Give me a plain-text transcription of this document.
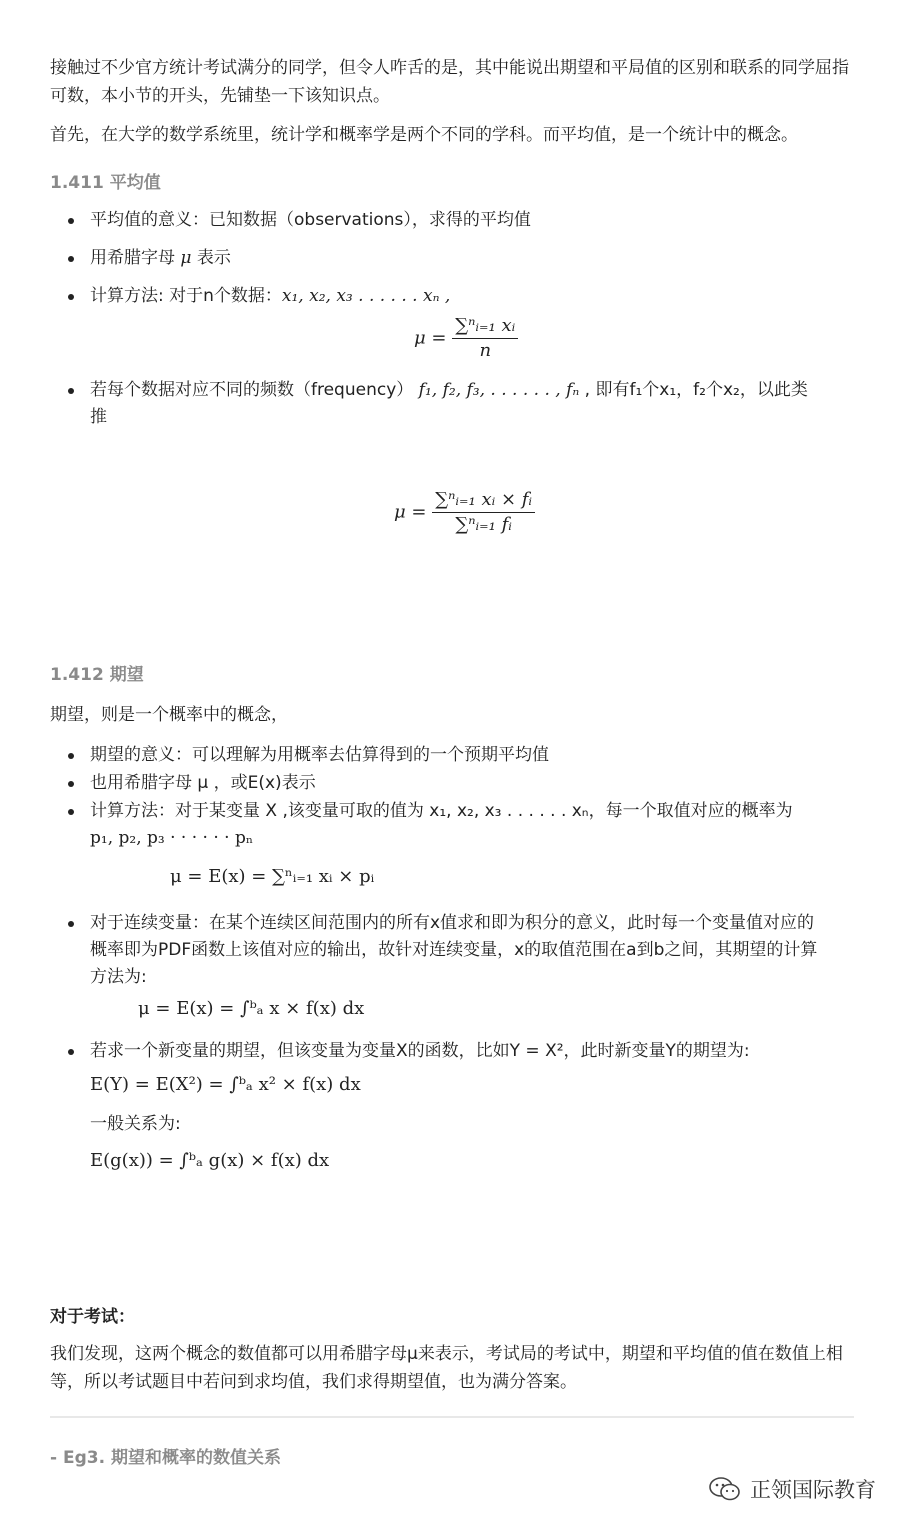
接触过不少官方统计考试满分的同学，但令人咋舌的是，其中能说出期望和平局值的区别和联系的同学屈指可数，本小节的开头，先铺垫一下该知识点。

首先，在大学的数学系统里，统计学和概率学是两个不同的学科。而平均值，是一个统计中的概念。

1.411 平均值
平均值的意义：已知数据（observations），求得的平均值
用希腊字母 μ 表示
计算方法: 对于n个数据：x₁, x₂, x₃ . . . . . . xₙ ,
$\mu = \frac{\text{∑ⁿᵢ₌₁ xᵢ}}{n}$
若每个数据对应不同的频数（frequency） f₁, f₂, f₃, . . . . . . , fₙ , 即有f₁个x₁，f₂个x₂，以此类
推
$\mu = \frac{\text{∑ⁿᵢ₌₁ xᵢ × fᵢ}}{\text{∑ⁿᵢ₌₁ fᵢ}}$
1.412 期望

期望，则是一个概率中的概念，

期望的意义：可以理解为用概率去估算得到的一个预期平均值
也用希腊字母 μ ，或E(x)表示
计算方法：对于某变量 X ,该变量可取的值为 x₁, x₂, x₃ . . . . . . xₙ，每一个取值对应的概率为
p₁, p₂, p₃ · · · · · · pₙ
μ = E(x) = ∑ⁿᵢ₌₁ xᵢ × pᵢ
对于连续变量：在某个连续区间范围内的所有x值求和即为积分的意义，此时每一个变量值对应的
概率即为PDF函数上该值对应的输出，故针对连续变量，x的取值范围在a到b之间，其期望的计算
方法为:
μ = E(x) = ∫ᵇₐ x × f(x) dx
若求一个新变量的期望，但该变量为变量X的函数，比如Y = X²，此时新变量Y的期望为:
E(Y) = E(X²) = ∫ᵇₐ x² × f(x) dx
一般关系为:
E(g(x)) = ∫ᵇₐ g(x) × f(x) dx
对于考试：

我们发现，这两个概念的数值都可以用希腊字母μ来表示，考试局的考试中，期望和平均值的值在数值上相等，所以考试题目中若问到求均值，我们求得期望值，也为满分答案。

- Eg3. 期望和概率的数值关系
正领国际教育
